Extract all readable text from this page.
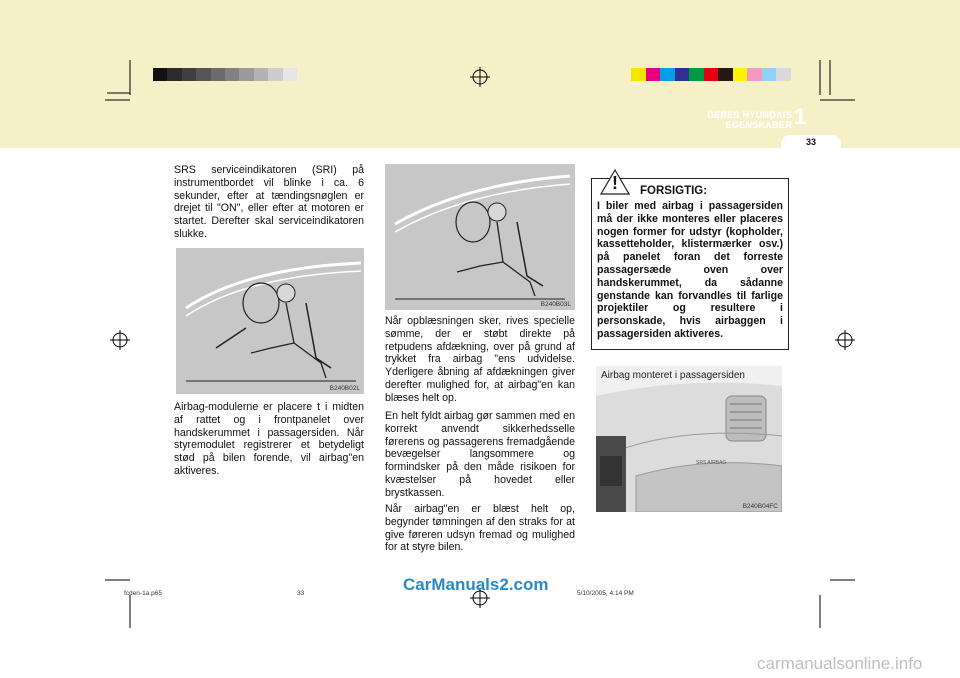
DERES HYUNDAIS EGENSKABER 1
33
SRS serviceindikatoren (SRI) på instrumentbordet vil blinke i ca. 6 sekunder, efter at tændingsnøglen er drejet til "ON", eller efter at motoren er startet. Derefter skal serviceindikatoren slukke.
B240B02L
Airbag-modulerne er placere t i midten af rattet og i frontpanelet over handskerummet i passagersiden. Når styremodulet registrerer et betydeligt stød på bilen forende, vil airbag"en aktiveres.
B240B03L
Når opblæsningen sker, rives specielle sømme, der er støbt direkte på retpudens afdækning, over på grund af trykket fra airbag "ens udvidelse. Yderligere åbning af afdækningen giver derefter mulighed for, at airbag"en kan blæses helt op.
En helt fyldt airbag gør sammen med en korrekt anvendt sikkerhedsselle førerens og passagerens fremadgående bevægelser langsommere og formindsker på den måde risikoen for kvæstelser på hovedet eller brystkassen.
Når airbag"en er blæst helt op, begynder tømningen af den straks for at give føreren udsyn fremad og mulighed for at styre bilen.
!	FORSIGTIG:
I biler med airbag i passagersiden må der ikke monteres eller placeres nogen former for udstyr (kopholder, kassetteholder, klistermærker osv.) på panelet foran det forreste passagersæde oven over handskerummet, da sådanne genstande kan forvandles til farlige projektiler og resultere i personskade, hvis airbaggen i passagersiden aktiveres.
SRS AIRBAG
Airbag monteret i passagersiden
B240B04FC
fcden-1a.p65	33	5/10/2005, 4:14 PM
CarManuals2.com
carmanualsonline.info
